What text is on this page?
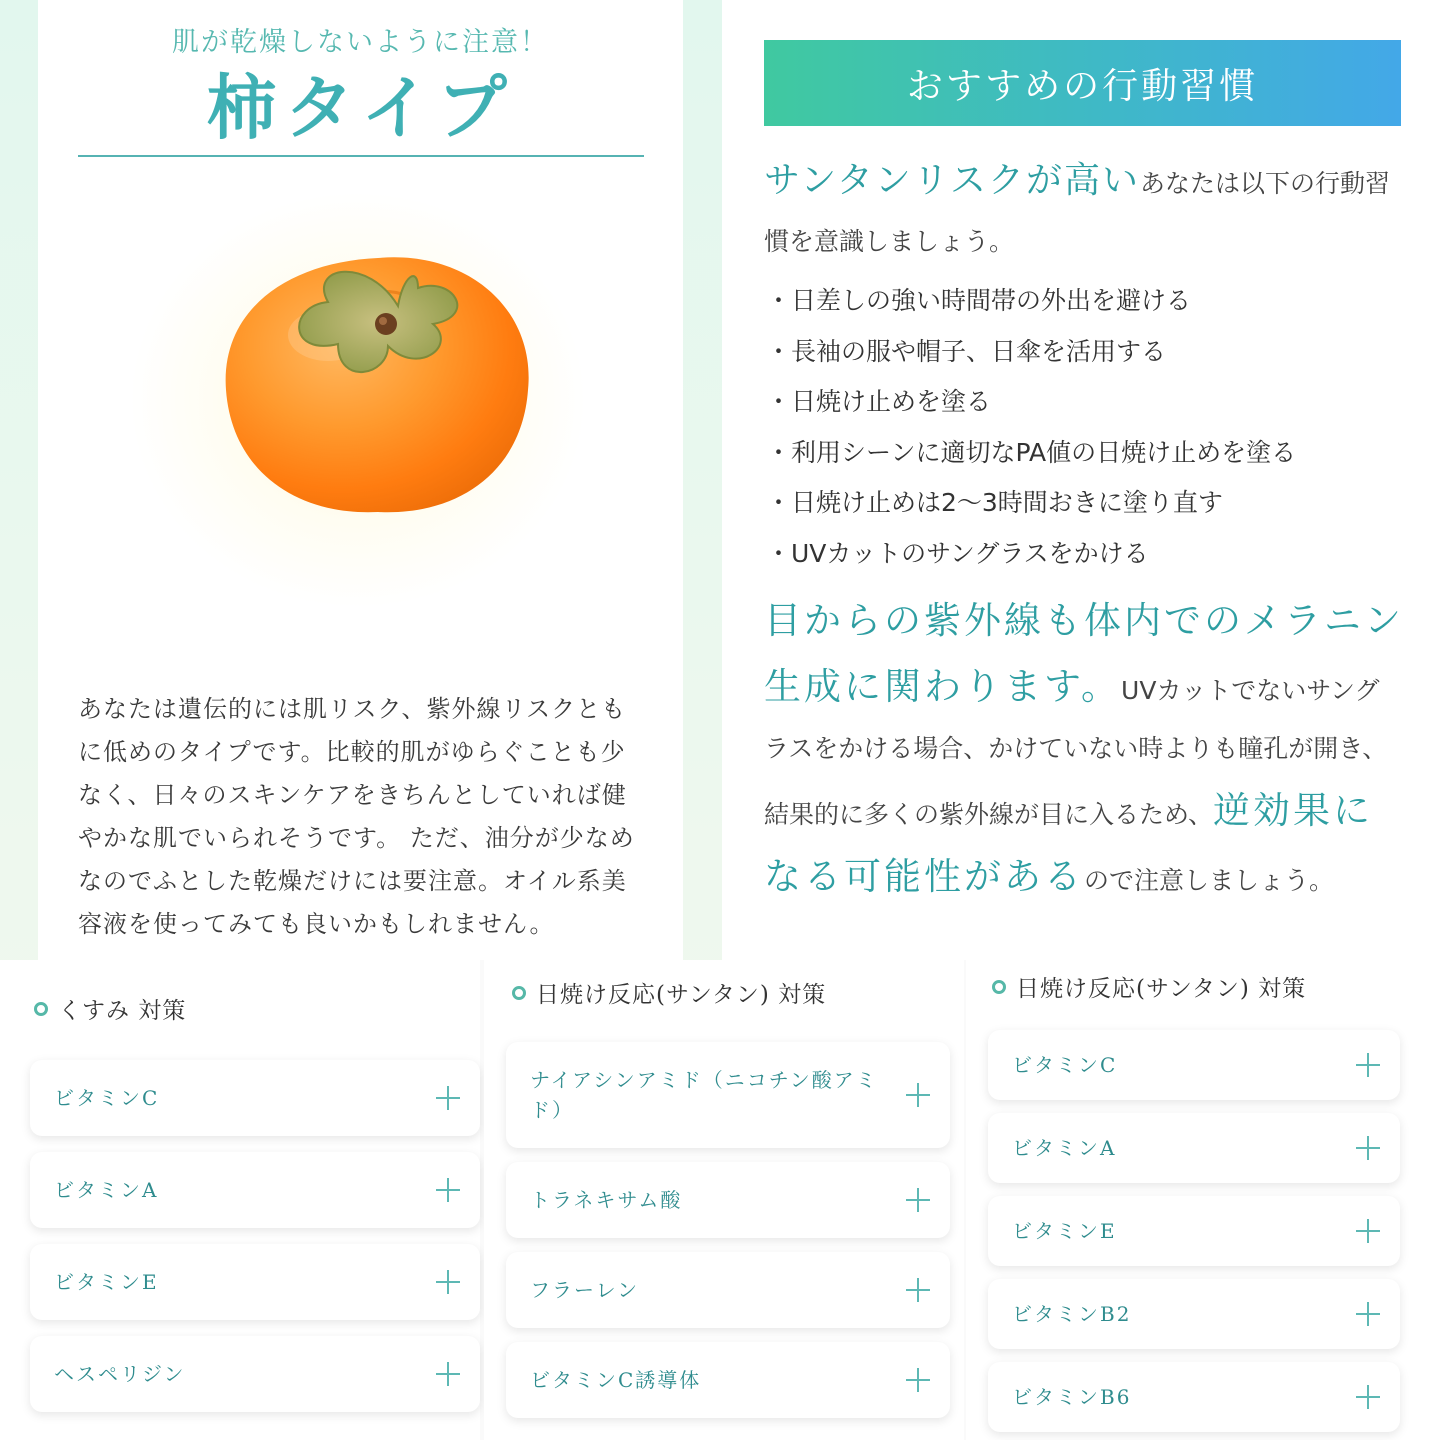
肌が乾燥しないように注意！
柿タイプ

あなたは遺伝的には肌リスク、紫外線リスクともに低めのタイプです。比較的肌がゆらぐことも少なく、日々のスキンケアをきちんとしていれば健やかな肌でいられそうです。 ただ、油分が少なめなのでふとした乾燥だけには要注意。オイル系美容液を使ってみても良いかもしれません。

おすすめの行動習慣

サンタンリスクが高いあなたは以下の行動習慣を意識しましょう。

・日差しの強い時間帯の外出を避ける
・長袖の服や帽子、日傘を活用する
・日焼け止めを塗る
・利用シーンに適切なPA値の日焼け止めを塗る
・日焼け止めは2〜3時間おきに塗り直す
・UVカットのサングラスをかける

目からの紫外線も体内でのメラニン生成に関わります。UVカットでないサングラスをかける場合、かけていない時よりも瞳孔が開き、結果的に多くの紫外線が目に入るため、逆効果になる可能性があるので注意しましょう。

くすみ 対策
ビタミンC
ビタミンA
ビタミンE
ヘスペリジン
日焼け反応(サンタン) 対策
ナイアシンアミド（ニコチン酸アミド）
トラネキサム酸
フラーレン
ビタミンC誘導体
日焼け反応(サンタン) 対策
ビタミンC
ビタミンA
ビタミンE
ビタミンB2
ビタミンB6
